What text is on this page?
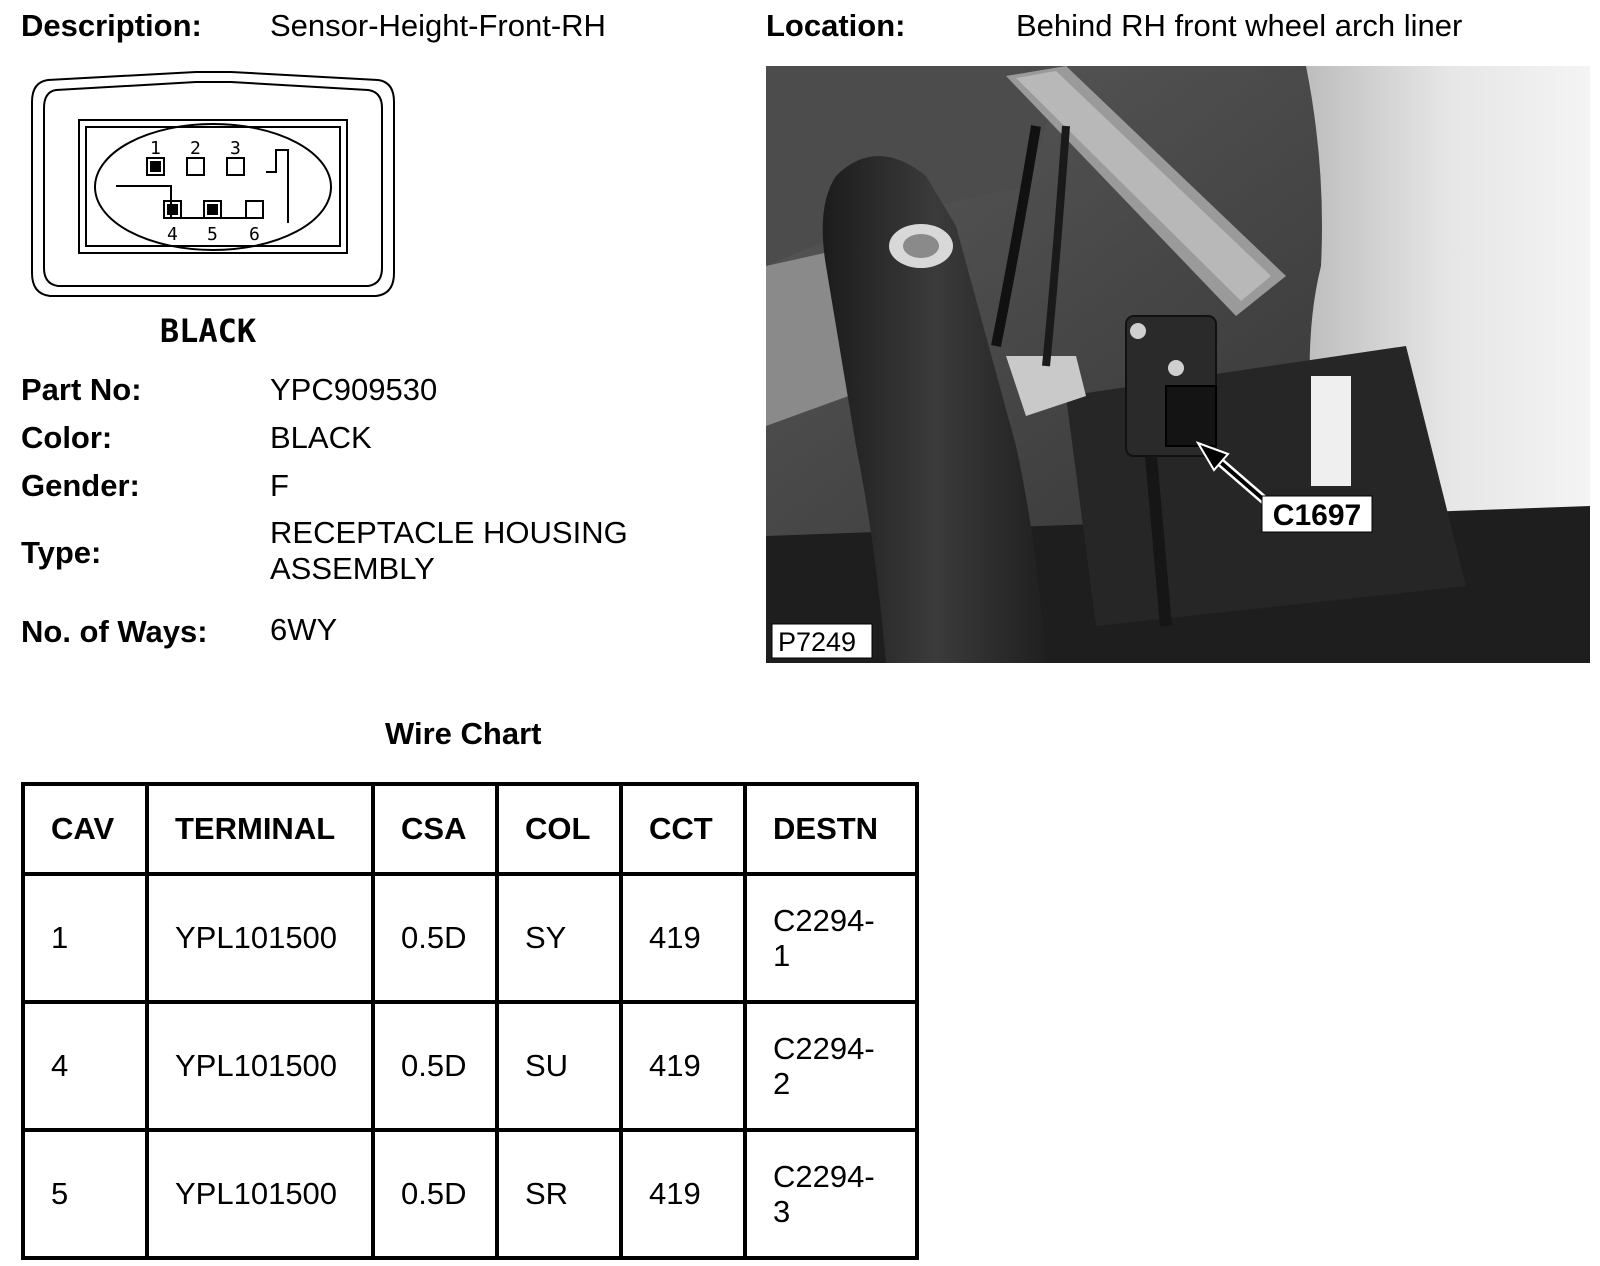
Description: Sensor-Height-Front-RH	Location:	Behind RH front wheel arch liner
1 2 3
4 5 6
BLACK
Part No:	YPC909530
Color:	BLACK
Gender:	F
Type:
RECEPTACLE HOUSING ASSEMBLY
No. of Ways: 6WY
C1697
P7249
Wire Chart
CAV	TERMINAL	CSA	COL	CCT	DESTN
1	YPL101500	0.5D	SY	419	C2294-
1
4	YPL101500	0.5D	SU	419	C2294-
2
5	YPL101500	0.5D	SR	419	C2294-
3
